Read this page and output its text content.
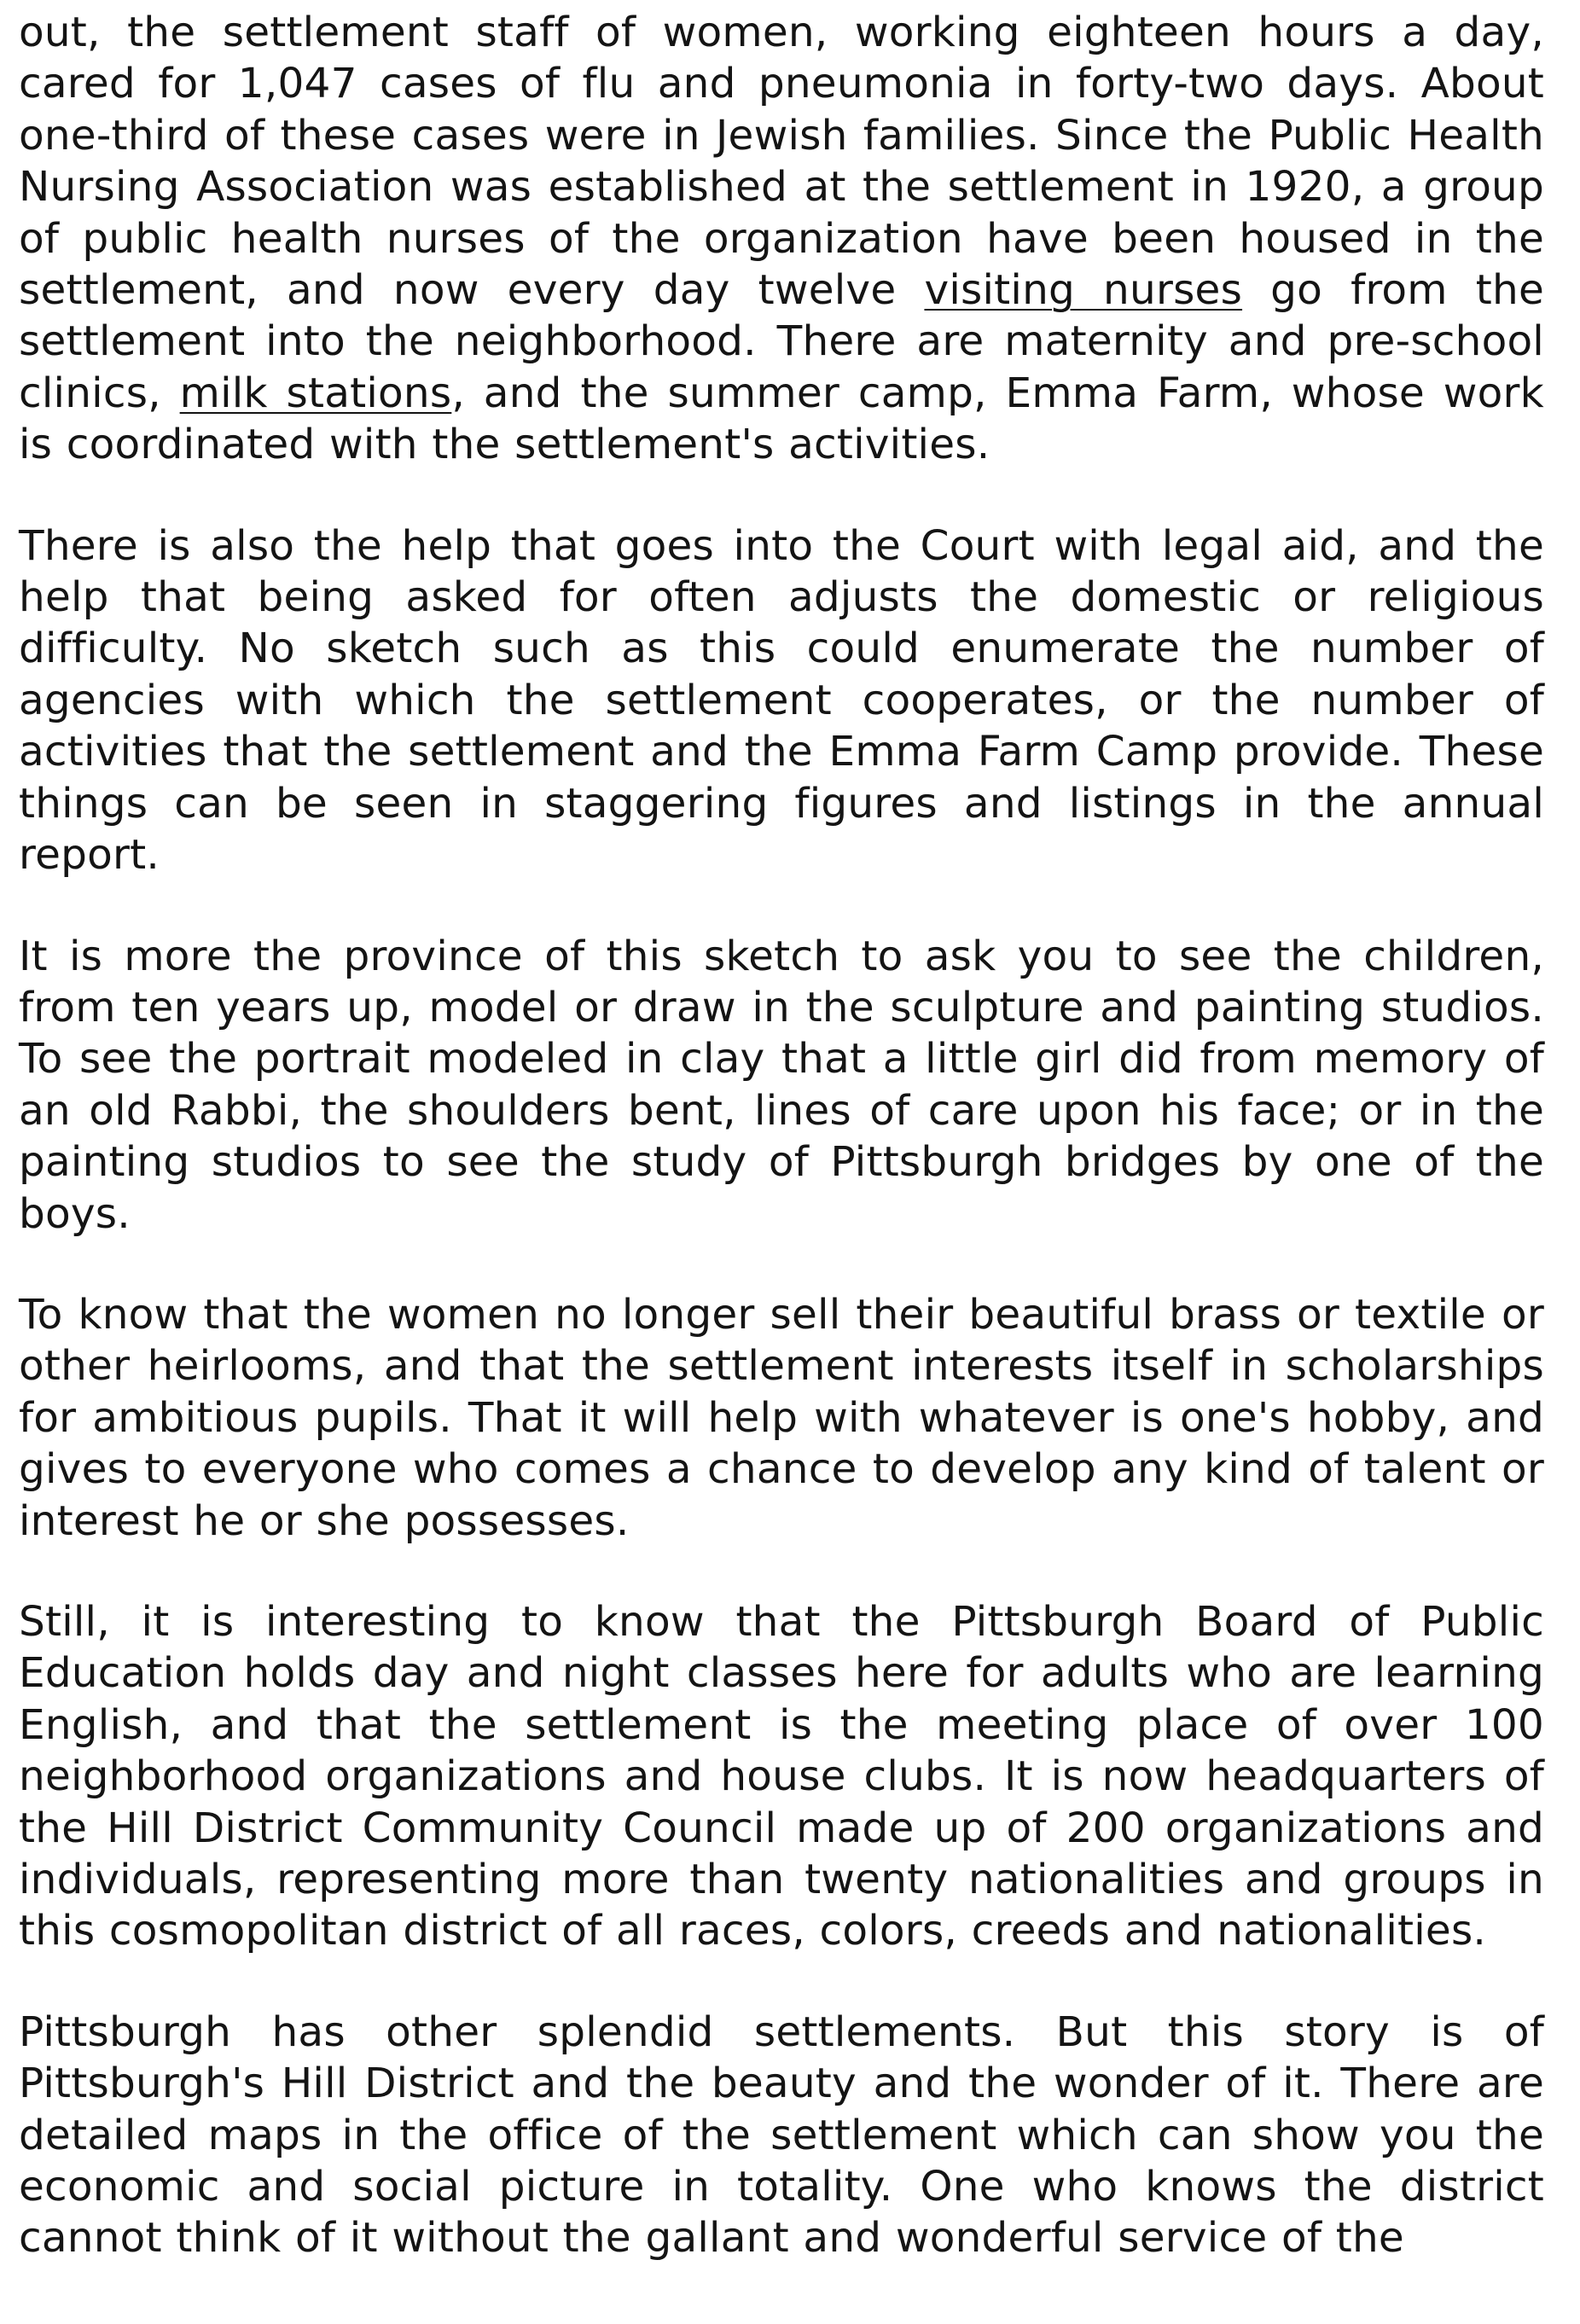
out, the settlement staff of women, working eighteen hours a day, cared for 1,047 cases of flu and pneumonia in forty-two days. About one-third of these cases were in Jewish families. Since the Public Health Nursing Association was established at the settlement in 1920, a group of public health nurses of the organization have been housed in the settlement, and now every day twelve visiting nurses go from the settlement into the neighborhood. There are maternity and pre-school clinics, milk stations, and the summer camp, Emma Farm, whose work is coordinated with the settlement's activities.

There is also the help that goes into the Court with legal aid, and the help that being asked for often adjusts the domestic or religious difficulty. No sketch such as this could enumerate the number of agencies with which the settlement cooperates, or the number of activities that the settlement and the Emma Farm Camp provide. These things can be seen in staggering figures and listings in the annual report.

It is more the province of this sketch to ask you to see the children, from ten years up, model or draw in the sculpture and painting studios. To see the portrait modeled in clay that a little girl did from memory of an old Rabbi, the shoulders bent, lines of care upon his face; or in the painting studios to see the study of Pittsburgh bridges by one of the boys.

To know that the women no longer sell their beautiful brass or textile or other heirlooms, and that the settlement interests itself in scholarships for ambitious pupils. That it will help with whatever is one's hobby, and gives to everyone who comes a chance to develop any kind of talent or interest he or she possesses.

Still, it is interesting to know that the Pittsburgh Board of Public Education holds day and night classes here for adults who are learning English, and that the settlement is the meeting place of over 100 neighborhood organizations and house clubs. It is now headquarters of the Hill District Community Council made up of 200 organizations and individuals, representing more than twenty nationalities and groups in this cosmopolitan district of all races, colors, creeds and nationalities.

Pittsburgh has other splendid settlements. But this story is of Pittsburgh's Hill District and the beauty and the wonder of it. There are detailed maps in the office of the settlement which can show you the economic and social picture in totality. One who knows the district cannot think of it without the gallant and wonderful service of the
